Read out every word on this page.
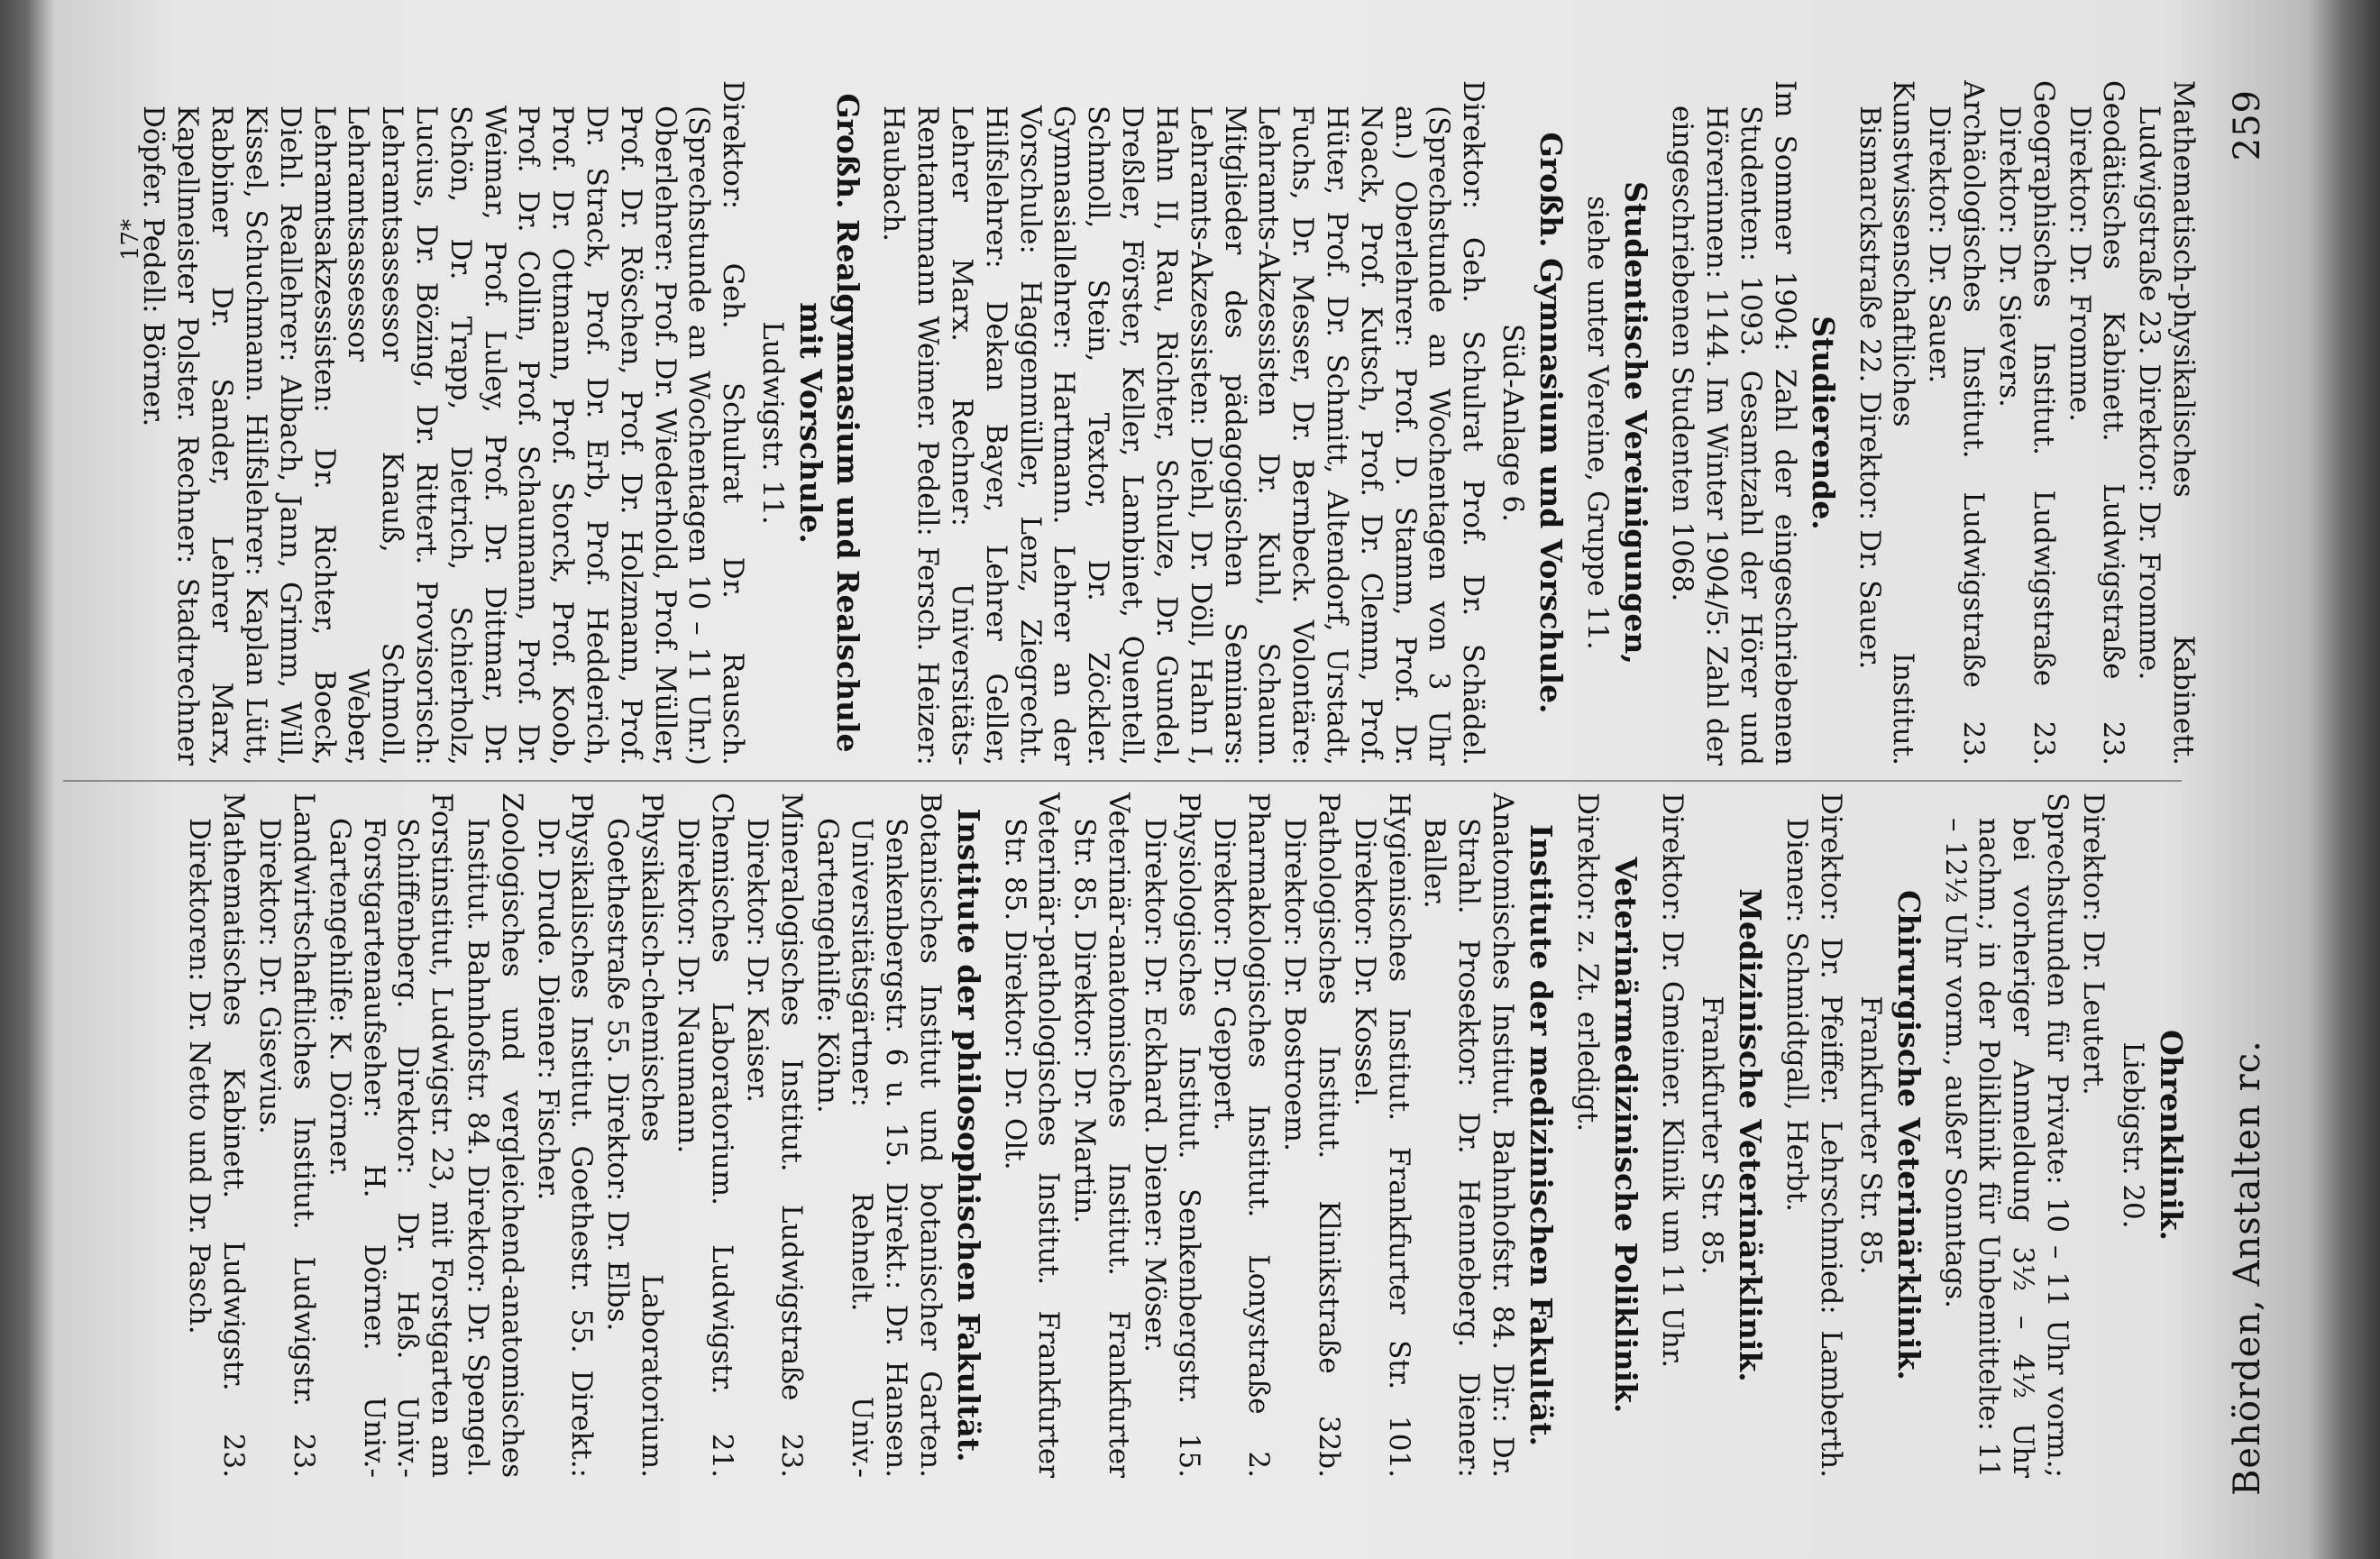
Behörden, Anstalten rc.
259
Ohrenklinik.
Liebigstr. 20.
Direktor: Dr. Leutert.
Sprechstunden für Private: 10 – 11 Uhr vorm.; bei vorheriger Anmeldung 3½ – 4½ Uhr nachm.; in der Poliklinik für Unbemittelte: 11 – 12½ Uhr vorm., außer Sonntags.
Chirurgische Veterinärklinik.
Frankfurter Str. 85.
Direktor: Dr. Pfeiffer. Lehrschmied: Lamberth. Diener: Schmidtgall, Herbt.
Medizinische Veterinärklinik.
Frankfurter Str. 85.
Direktor: Dr. Gmeiner. Klinik um 11 Uhr.
Veterinärmedizinische Poliklinik.
Direktor: z. Zt. erledigt.
Institute der medizinischen Fakultät.
Anatomisches Institut. Bahnhofstr. 84. Dir.: Dr. Strahl. Prosektor: Dr. Henneberg. Diener: Baller.
Hygienisches Institut. Frankfurter Str. 101. Direktor: Dr. Kossel.
Pathologisches Institut. Klinikstraße 32b. Direktor: Dr. Bostroem.
Pharmakologisches Institut. Lonystraße 2. Direktor: Dr. Geppert.
Physiologisches Institut. Senkenbergstr. 15. Direktor: Dr. Eckhard. Diener: Möser.
Veterinär-anatomisches Institut. Frankfurter Str. 85. Direktor: Dr. Martin.
Veterinär-pathologisches Institut. Frankfurter Str. 85. Direktor: Dr. Olt.
Institute der philosophischen Fakultät.
Botanisches Institut und botanischer Garten. Senkenbergstr. 6 u. 15. Direkt.: Dr. Hansen. Universitätsgärtner: Rehnelt. Univ.-Gartengehilfe: Köhn.
Mineralogisches Institut. Ludwigstraße 23. Direktor: Dr. Kaiser.
Chemisches Laboratorium. Ludwigstr. 21. Direktor: Dr. Naumann.
Physikalisch-chemisches Laboratorium. Goethestraße 55. Direktor: Dr. Elbs.
Physikalisches Institut. Goethestr. 55. Direkt.: Dr. Drude. Diener: Fischer.
Zoologisches und vergleichend-anatomisches Institut. Bahnhofstr. 84. Direktor: Dr. Spengel.
Forstinstitut, Ludwigstr. 23, mit Forstgarten am Schiffenberg. Direktor: Dr. Heß. Univ.-Forstgartenaufseher: H. Dörner. Univ.-Gartengehilfe: K. Dörner.
Landwirtschaftliches Institut. Ludwigstr. 23. Direktor: Dr. Gisevius.
Mathematisches Kabinett. Ludwigstr. 23. Direktoren: Dr. Netto und Dr. Pasch.
Mathematisch-physikalisches Kabinett. Ludwigstraße 23. Direktor: Dr. Fromme.
Geodätisches Kabinett. Ludwigstraße 23. Direktor: Dr. Fromme.
Geographisches Institut. Ludwigstraße 23. Direktor: Dr. Sievers.
Archäologisches Institut. Ludwigstraße 23. Direktor: Dr. Sauer.
Kunstwissenschaftliches Institut. Bismarckstraße 22. Direktor: Dr. Sauer.
Studierende.
Im Sommer 1904: Zahl der eingeschriebenen Studenten: 1093. Gesamtzahl der Hörer und Hörerinnen: 1144. Im Winter 1904/5: Zahl der eingeschriebenen Studenten 1068.
Studentische Vereinigungen,
siehe unter Vereine, Gruppe 11.
Großh. Gymnasium und Vorschule.
Süd-Anlage 6.
Direktor: Geh. Schulrat Prof. Dr. Schädel. (Sprechstunde an Wochentagen von 3 Uhr an.) Oberlehrer: Prof. D. Stamm, Prof. Dr. Noack, Prof. Kutsch, Prof. Dr. Clemm, Prof. Hüter, Prof. Dr. Schmitt, Altendorf, Urstadt, Fuchs, Dr. Messer, Dr. Bernbeck. Volontäre: Lehramts-Akzessisten Dr. Kuhl, Schaum. Mitglieder des pädagogischen Seminars: Lehramts-Akzessisten: Diehl, Dr. Döll, Hahn I, Hahn II, Rau, Richter, Schulze, Dr. Gundel, Dreßler, Förster, Keller, Lambinet, Quentell, Schmoll, Stein, Textor, Dr. Zöckler. Gymnasiallehrer: Hartmann. Lehrer an der Vorschule: Haggenmüller, Lenz, Ziegrecht. Hilfslehrer: Dekan Bayer, Lehrer Geller, Lehrer Marx. Rechner: Universitäts-Rentamtmann Weimer. Pedell: Fersch. Heizer: Haubach.
Großh. Realgymnasium und Realschule mit Vorschule.
Ludwigstr. 11.
Direktor: Geh. Schulrat Dr. Rausch. (Sprechstunde an Wochentagen 10 – 11 Uhr.) Oberlehrer: Prof. Dr. Wiederhold, Prof. Müller, Prof. Dr. Röschen, Prof. Dr. Holzmann, Prof. Dr. Strack, Prof. Dr. Erb, Prof. Hedderich, Prof. Dr. Ottmann, Prof. Storck, Prof. Koob, Prof. Dr. Collin, Prof. Schaumann, Prof. Dr. Weimar, Prof. Luley, Prof. Dr. Dittmar, Dr. Schön, Dr. Trapp, Dietrich, Schierholz, Lucius, Dr. Bözing, Dr. Rittert. Provisorisch: Lehramtsassessor Knauß, Schmoll, Lehramtsassessor Weber, Lehramtsakzessisten: Dr. Richter, Boeck, Diehl. Reallehrer: Albach, Jann, Grimm, Will, Kissel, Schuchmann. Hilfslehrer: Kaplan Lütt, Rabbiner Dr. Sander, Lehrer Marx, Kapellmeister Polster. Rechner: Stadtrechner Döpfer. Pedell: Börner.
17*
